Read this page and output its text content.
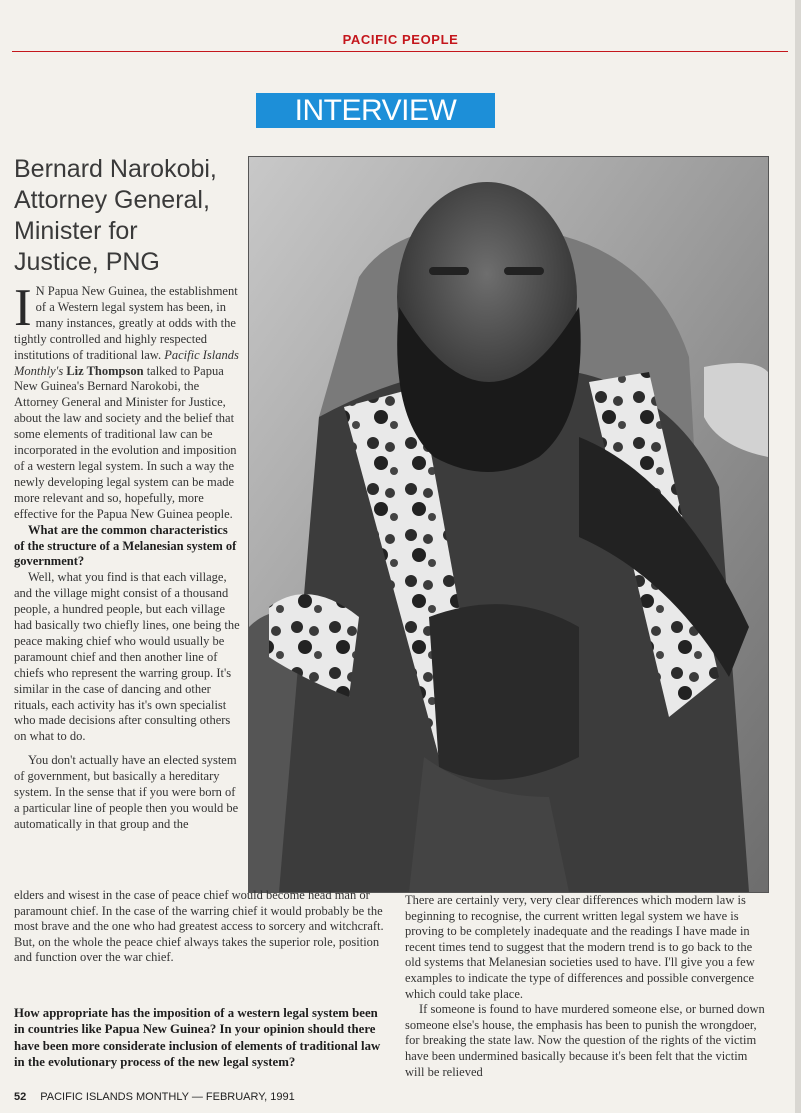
PACIFIC PEOPLE
INTERVIEW
Bernard Narokobi,
Attorney General,
Minister for
Justice, PNG

I N Papua New Guinea, the establishment of a Western legal system has been, in many instances, greatly at odds with the tightly controlled and highly respected institutions of traditional law. Pacific Islands Monthly's Liz Thompson talked to Papua New Guinea's Bernard Narokobi, the Attorney General and Minister for Justice, about the law and society and the belief that some elements of traditional law can be incorporated in the evolution and imposition of a western legal system. In such a way the newly developing legal system can be made more relevant and so, hopefully, more effective for the Papua New Guinea people.

What are the common characteristics of the structure of a Melanesian system of government?

Well, what you find is that each village, and the village might consist of a thousand people, a hundred people, but each village had basically two chiefly lines, one being the peace making chief who would usually be paramount chief and then another line of chiefs who represent the warring group. It's similar in the case of dancing and other rituals, each activity has it's own specialist who made decisions after consulting others on what to do.

You don't actually have an elected system of government, but basically a hereditary system. In the sense that if you were born of a particular line of people then you would be automatically in that group and the

elders and wisest in the case of peace chief would become head man or paramount chief. In the case of the warring chief it would probably be the most brave and the one who had greatest access to sorcery and witchcraft. But, on the whole the peace chief always takes the superior role, position and function over the war chief.

How appropriate has the imposition of a western legal system been in countries like Papua New Guinea? In your opinion should there have been more considerate inclusion of elements of traditional law in the evolutionary process of the new legal system?

There are certainly very, very clear differences which modern law is beginning to recognise, the current written legal system we have is proving to be completely inadequate and the readings I have made in recent times tend to suggest that the modern trend is to go back to the old systems that Melanesian societies used to have. I'll give you a few examples to indicate the type of differences and possible convergence which could take place.

If someone is found to have murdered someone else, or burned down someone else's house, the emphasis has been to punish the wrongdoer, for breaking the state law. Now the question of the rights of the victim have been undermined basically because it's been felt that the victim will be relieved

52 PACIFIC ISLANDS MONTHLY — FEBRUARY, 1991
